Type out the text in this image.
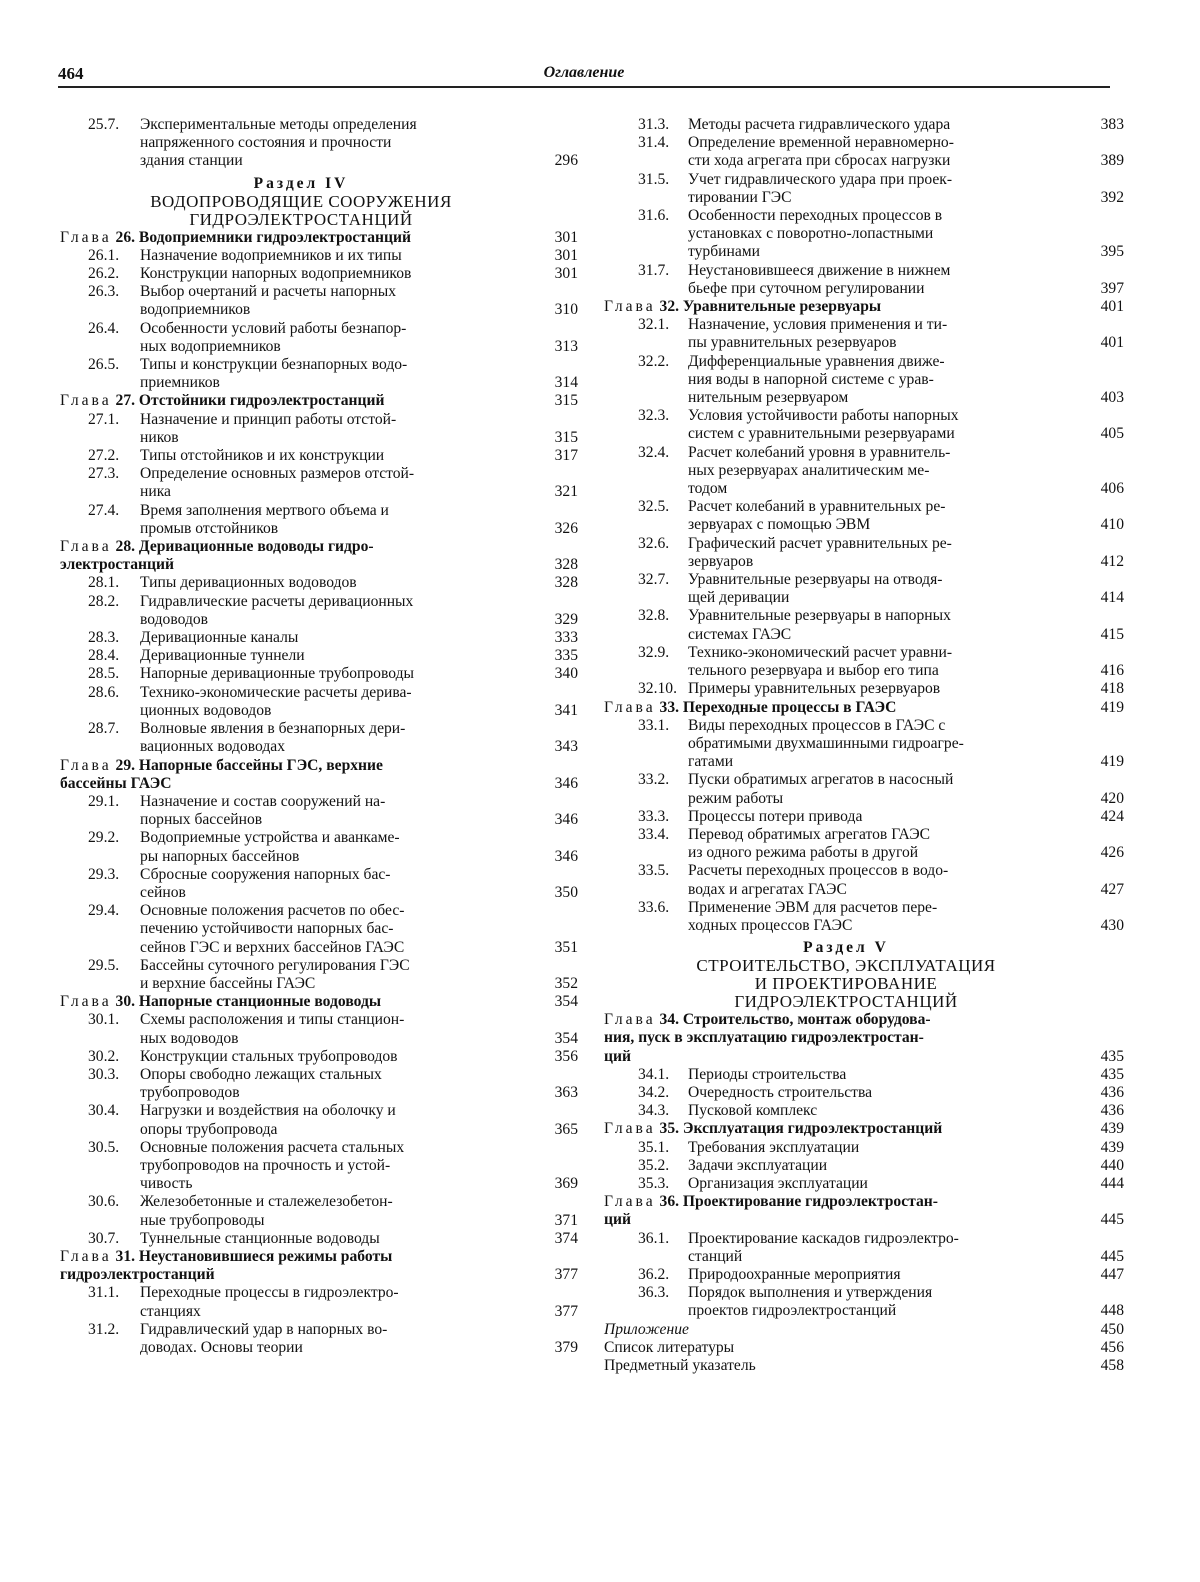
464	Оглавление
25.7. Экспериментальные методы определения
напряженного состояния и прочности
здания станции	296
Раздел IV
ВОДОПРОВОДЯЩИЕ СООРУЖЕНИЯ
ГИДРОЭЛЕКТРОСТАНЦИЙ
Глава 26. Водоприемники гидроэлектростанций	301
26.1. Назначение водоприемников и их типы	301
26.2. Конструкции напорных водоприемников	301
26.3. Выбор очертаний и расчеты напорных
водоприемников	310
26.4. Особенности условий работы безнапор-
ных водоприемников	313
26.5. Типы и конструкции безнапорных водо-
приемников	314
Глава 27. Отстойники гидроэлектростанций	315
27.1. Назначение и принцип работы отстой-
ников	315
27.2. Типы отстойников и их конструкции	317
27.3. Определение основных размеров отстой-
ника	321
27.4. Время заполнения мертвого объема и
промыв отстойников	326
Глава 28. Деривационные водоводы гидро-
электростанций	328
28.1. Типы деривационных водоводов	328
28.2. Гидравлические расчеты деривационных
водоводов	329
28.3. Деривационные каналы	333
28.4. Деривационные туннели	335
28.5. Напорные деривационные трубопроводы	340
28.6. Технико-экономические расчеты дерива-
ционных водоводов	341
28.7. Волновые явления в безнапорных дери-
вационных водоводах	343
Глава 29. Напорные бассейны ГЭС, верхние
бассейны ГАЭС	346
29.1. Назначение и состав сооружений на-
порных бассейнов	346
29.2. Водоприемные устройства и аванкаме-
ры напорных бассейнов	346
29.3. Сбросные сооружения напорных бас-
сейнов	350
29.4. Основные положения расчетов по обес-
печению устойчивости напорных бас-
сейнов ГЭС и верхних бассейнов ГАЭС	351
29.5. Бассейны суточного регулирования ГЭС
и верхние бассейны ГАЭС	352
Глава 30. Напорные станционные водоводы	354
30.1. Схемы расположения и типы станцион-
ных водоводов	354
30.2. Конструкции стальных трубопроводов	356
30.3. Опоры свободно лежащих стальных
трубопроводов	363
30.4. Нагрузки и воздействия на оболочку и
опоры трубопровода	365
30.5. Основные положения расчета стальных
трубопроводов на прочность и устой-
чивость	369
30.6. Железобетонные и сталежелезобетон-
ные трубопроводы	371
30.7. Туннельные станционные водоводы	374
Глава 31. Неустановившиеся режимы работы
гидроэлектростанций	377
31.1. Переходные процессы в гидроэлектро-
станциях	377
31.2. Гидравлический удар в напорных во-
доводах. Основы теории	379
31.3. Методы расчета гидравлического удара	383
31.4. Определение временной неравномерно-
сти хода агрегата при сбросах нагрузки	389
31.5. Учет гидравлического удара при проек-
тировании ГЭС	392
31.6. Особенности переходных процессов в
установках с поворотно-лопастными
турбинами	395
31.7. Неустановившееся движение в нижнем
бьефе при суточном регулировании	397
Глава 32. Уравнительные резервуары	401
32.1. Назначение, условия применения и ти-
пы уравнительных резервуаров	401
32.2. Дифференциальные уравнения движе-
ния воды в напорной системе с урав-
нительным резервуаром	403
32.3. Условия устойчивости работы напорных
систем с уравнительными резервуарами	405
32.4. Расчет колебаний уровня в уравнитель-
ных резервуарах аналитическим ме-
тодом	406
32.5. Расчет колебаний в уравнительных ре-
зервуарах с помощью ЭВМ	410
32.6. Графический расчет уравнительных ре-
зервуаров	412
32.7. Уравнительные резервуары на отводя-
щей деривации	414
32.8. Уравнительные резервуары в напорных
системах ГАЭС	415
32.9. Технико-экономический расчет уравни-
тельного резервуара и выбор его типа	416
32.10. Примеры уравнительных резервуаров	418
Глава 33. Переходные процессы в ГАЭС	419
33.1. Виды переходных процессов в ГАЭС с
обратимыми двухмашинными гидроагре-
гатами	419
33.2. Пуски обратимых агрегатов в насосный
режим работы	420
33.3. Процессы потери привода	424
33.4. Перевод обратимых агрегатов ГАЭС
из одного режима работы в другой	426
33.5. Расчеты переходных процессов в водо-
водах и агрегатах ГАЭС	427
33.6. Применение ЭВМ для расчетов пере-
ходных процессов ГАЭС	430
Раздел V
СТРОИТЕЛЬСТВО, ЭКСПЛУАТАЦИЯ
И ПРОЕКТИРОВАНИЕ
ГИДРОЭЛЕКТРОСТАНЦИЙ
Глава 34. Строительство, монтаж оборудова-
ния, пуск в эксплуатацию гидроэлектростан-
ций	435
34.1. Периоды строительства	435
34.2. Очередность строительства	436
34.3. Пусковой комплекс	436
Глава 35. Эксплуатация гидроэлектростанций	439
35.1. Требования эксплуатации	439
35.2. Задачи эксплуатации	440
35.3. Организация эксплуатации	444
Глава 36. Проектирование гидроэлектростан-
ций	445
36.1. Проектирование каскадов гидроэлектро-
станций	445
36.2. Природоохранные мероприятия	447
36.3. Порядок выполнения и утверждения
проектов гидроэлектростанций	448
Приложение	450
Список литературы	456
Предметный указатель	458
